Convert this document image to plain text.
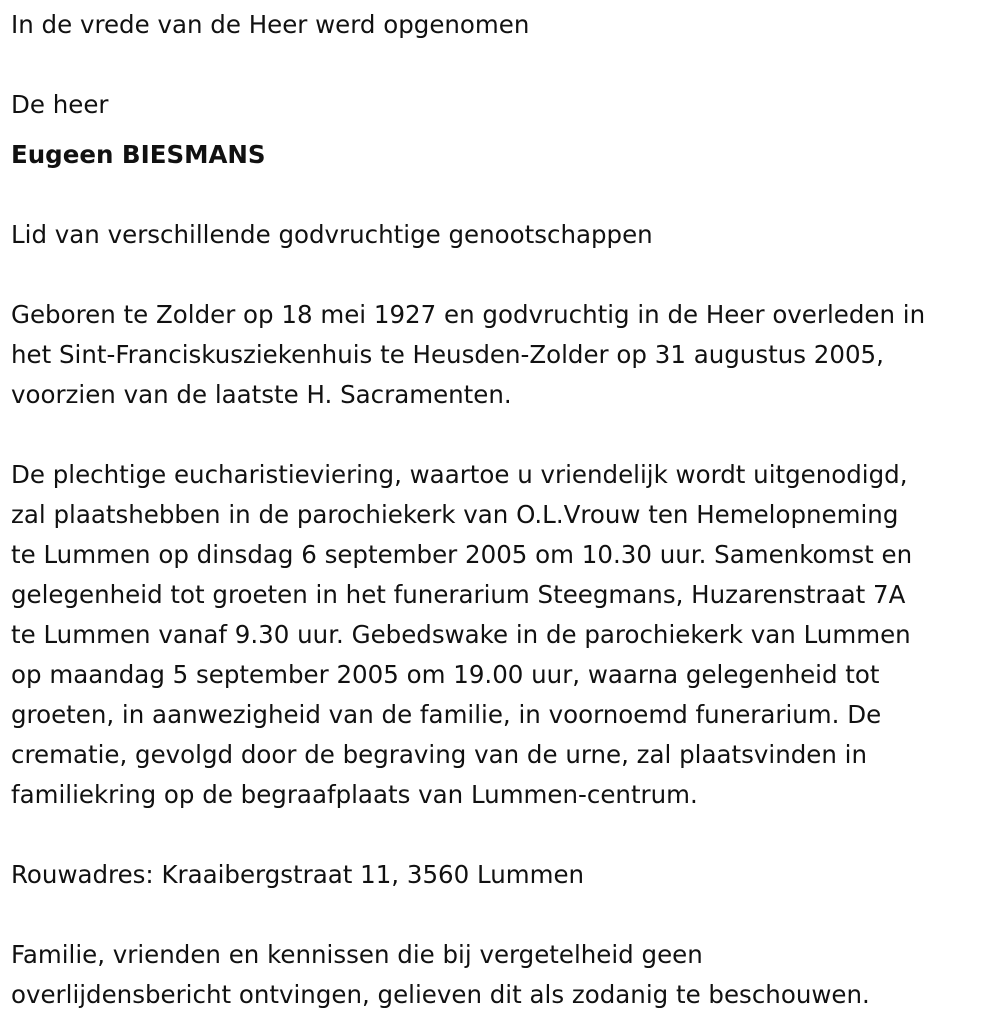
In de vrede van de Heer werd opgenomen
De heer
Eugeen BIESMANS
Lid van verschillende godvruchtige genootschappen
Geboren te Zolder op 18 mei 1927 en godvruchtig in de Heer overleden in
het Sint-Franciskusziekenhuis te Heusden-Zolder op 31 augustus 2005,
voorzien van de laatste H. Sacramenten.
De plechtige eucharistieviering, waartoe u vriendelijk wordt uitgenodigd,
zal plaatshebben in de parochiekerk van O.L.Vrouw ten Hemelopneming
te Lummen op dinsdag 6 september 2005 om 10.30 uur. Samenkomst en
gelegenheid tot groeten in het funerarium Steegmans, Huzarenstraat 7A
te Lummen vanaf 9.30 uur. Gebedswake in de parochiekerk van Lummen
op maandag 5 september 2005 om 19.00 uur, waarna gelegenheid tot
groeten, in aanwezigheid van de familie, in voornoemd funerarium. De
crematie, gevolgd door de begraving van de urne, zal plaatsvinden in
familiekring op de begraafplaats van Lummen-centrum.
Rouwadres: Kraaibergstraat 11, 3560 Lummen
Familie, vrienden en kennissen die bij vergetelheid geen
overlijdensbericht ontvingen, gelieven dit als zodanig te beschouwen.
